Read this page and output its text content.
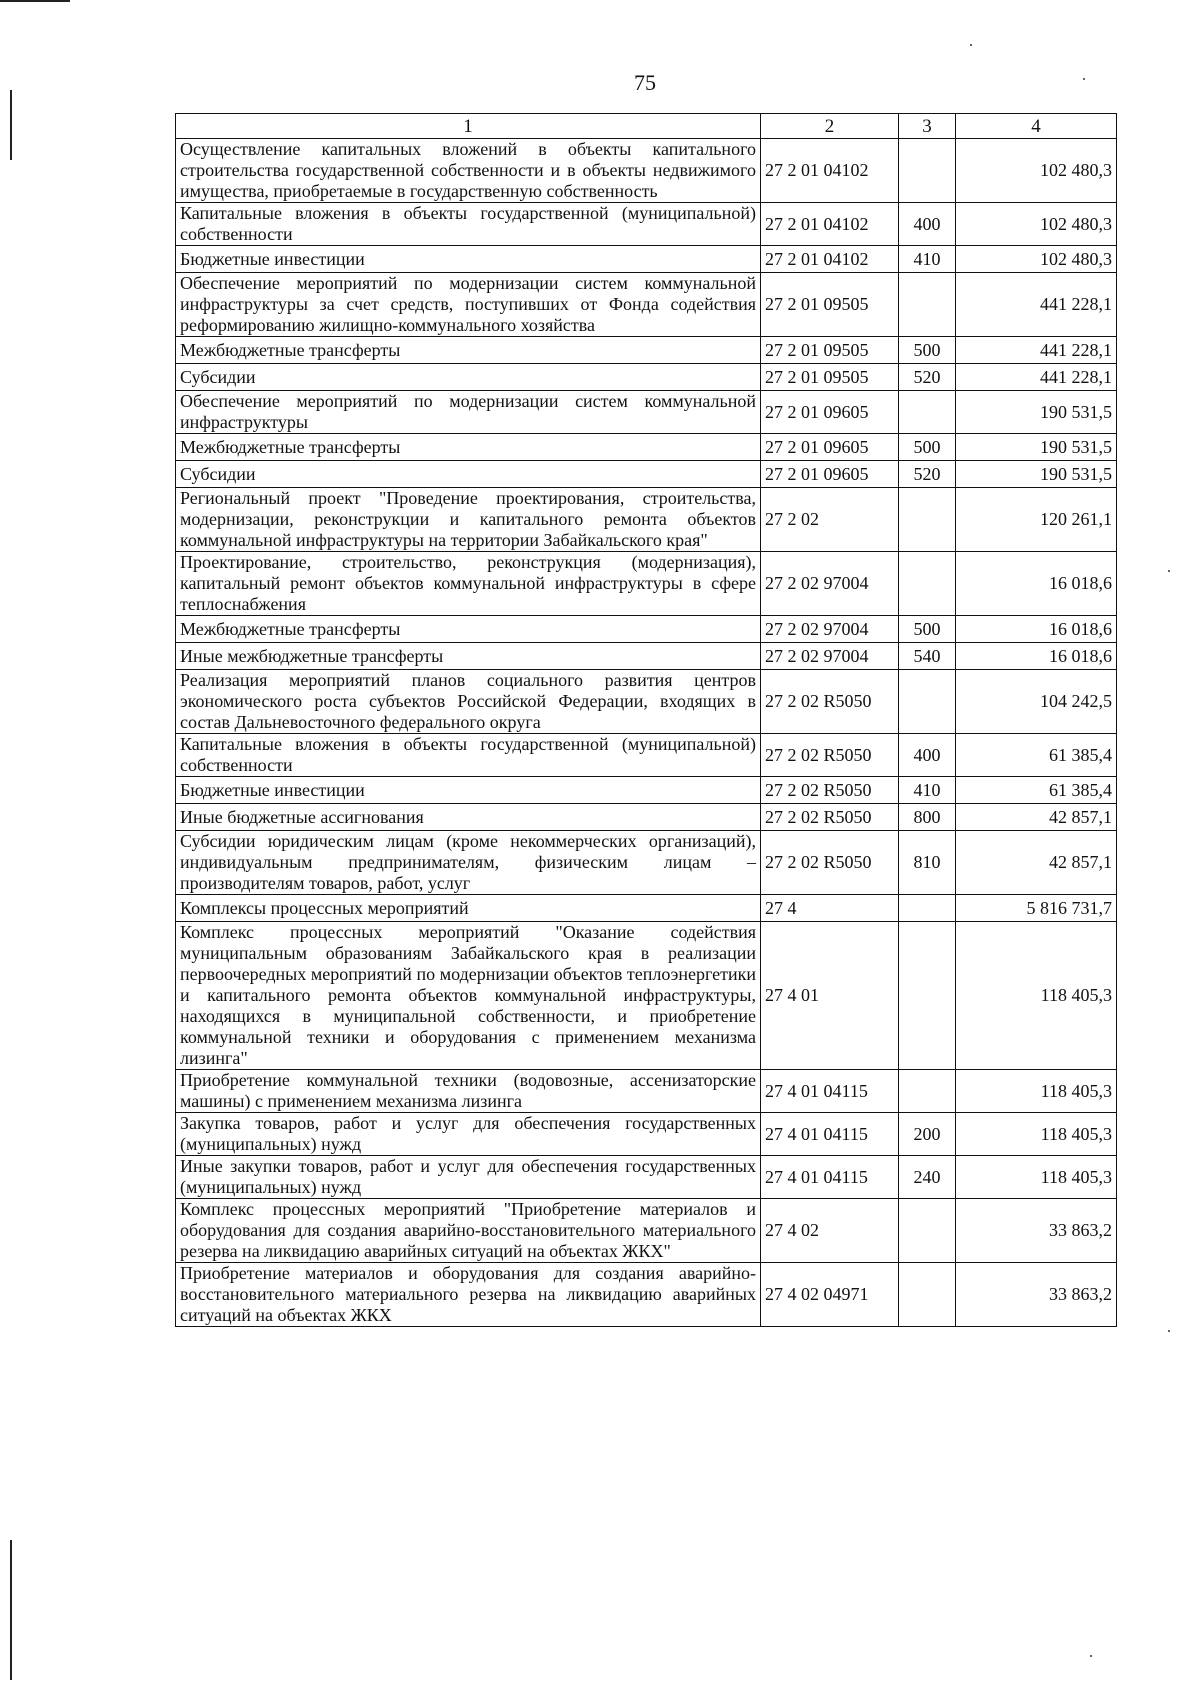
75
1	2	3	4
Осуществление капитальных вложений в объекты капитального строительства государственной собственности и в объекты недвижимого имущества, приобретаемые в государственную собственность	27 2 01 04102		102 480,3
Капитальные вложения в объекты государственной (муниципальной) собственности	27 2 01 04102	400	102 480,3
Бюджетные инвестиции	27 2 01 04102	410	102 480,3
Обеспечение мероприятий по модернизации систем коммунальной инфраструктуры за счет средств, поступивших от Фонда содействия реформированию жилищно-коммунального хозяйства	27 2 01 09505		441 228,1
Межбюджетные трансферты	27 2 01 09505	500	441 228,1
Субсидии	27 2 01 09505	520	441 228,1
Обеспечение мероприятий по модернизации систем коммунальной инфраструктуры	27 2 01 09605		190 531,5
Межбюджетные трансферты	27 2 01 09605	500	190 531,5
Субсидии	27 2 01 09605	520	190 531,5
Региональный проект "Проведение проектирования, строительства, модернизации, реконструкции и капитального ремонта объектов коммунальной инфраструктуры на территории Забайкальского края"	27 2 02		120 261,1
Проектирование, строительство, реконструкция (модернизация), капитальный ремонт объектов коммунальной инфраструктуры в сфере теплоснабжения	27 2 02 97004		16 018,6
Межбюджетные трансферты	27 2 02 97004	500	16 018,6
Иные межбюджетные трансферты	27 2 02 97004	540	16 018,6
Реализация мероприятий планов социального развития центров экономического роста субъектов Российской Федерации, входящих в состав Дальневосточного федерального округа	27 2 02 R5050		104 242,5
Капитальные вложения в объекты государственной (муниципальной) собственности	27 2 02 R5050	400	61 385,4
Бюджетные инвестиции	27 2 02 R5050	410	61 385,4
Иные бюджетные ассигнования	27 2 02 R5050	800	42 857,1
Субсидии юридическим лицам (кроме некоммерческих организаций), индивидуальным предпринимателям, физическим лицам – производителям товаров, работ, услуг	27 2 02 R5050	810	42 857,1
Комплексы процессных мероприятий	27 4		5 816 731,7
Комплекс процессных мероприятий "Оказание содействия муниципальным образованиям Забайкальского края в реализации первоочередных мероприятий по модернизации объектов теплоэнергетики и капитального ремонта объектов коммунальной инфраструктуры, находящихся в муниципальной собственности, и приобретение коммунальной техники и оборудования с применением механизма лизинга"	27 4 01		118 405,3
Приобретение коммунальной техники (водовозные, ассенизаторские машины) с применением механизма лизинга	27 4 01 04115		118 405,3
Закупка товаров, работ и услуг для обеспечения государственных (муниципальных) нужд	27 4 01 04115	200	118 405,3
Иные закупки товаров, работ и услуг для обеспечения государственных (муниципальных) нужд	27 4 01 04115	240	118 405,3
Комплекс процессных мероприятий "Приобретение материалов и оборудования для создания аварийно-восстановительного материального резерва на ликвидацию аварийных ситуаций на объектах ЖКХ"	27 4 02		33 863,2
Приобретение материалов и оборудования для создания аварийно-восстановительного материального резерва на ликвидацию аварийных ситуаций на объектах ЖКХ	27 4 02 04971		33 863,2
